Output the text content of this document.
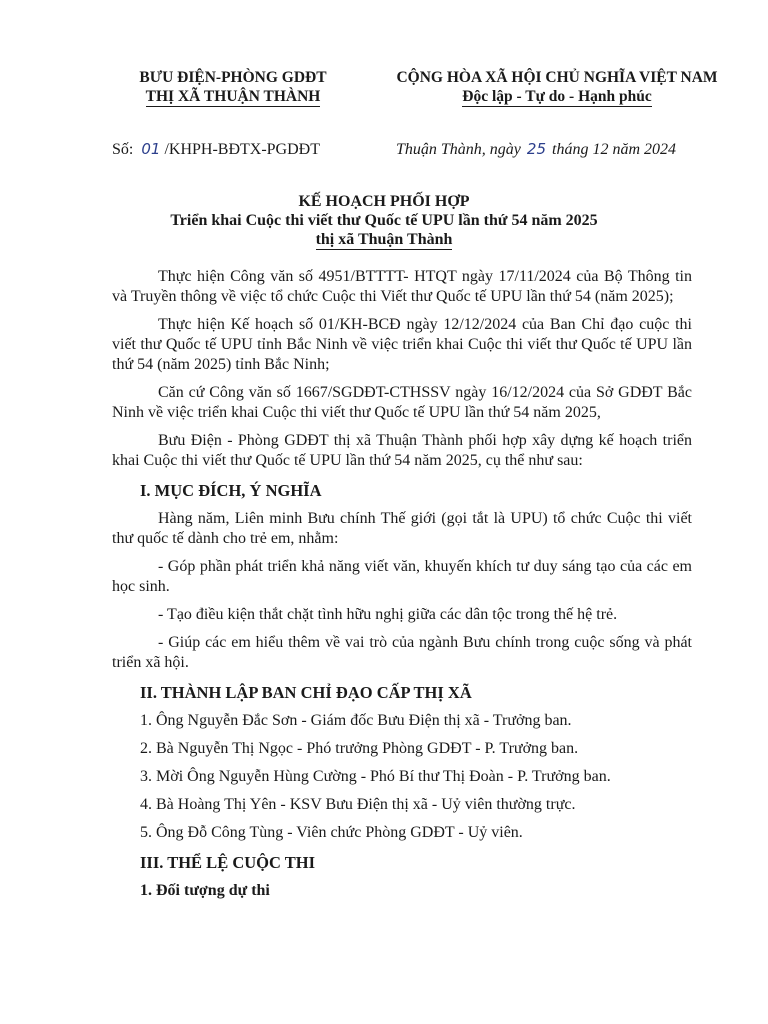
BƯU ĐIỆN-PHÒNG GDĐT
THỊ XÃ THUẬN THÀNH
CỘNG HÒA XÃ HỘI CHỦ NGHĨA VIỆT NAM
Độc lập - Tự do - Hạnh phúc
Số: 01 /KHPH-BĐTX-PGDĐT	Thuận Thành, ngày 25 tháng 12 năm 2024
KẾ HOẠCH PHỐI HỢP
Triển khai Cuộc thi viết thư Quốc tế UPU lần thứ 54 năm 2025
thị xã Thuận Thành

Thực hiện Công văn số 4951/BTTTT- HTQT ngày 17/11/2024 của Bộ Thông tin và Truyền thông về việc tổ chức Cuộc thi Viết thư Quốc tế UPU lần thứ 54 (năm 2025);

Thực hiện Kế hoạch số 01/KH-BCĐ ngày 12/12/2024 của Ban Chỉ đạo cuộc thi viết thư Quốc tế UPU tỉnh Bắc Ninh về việc triển khai Cuộc thi viết thư Quốc tế UPU lần thứ 54 (năm 2025) tỉnh Bắc Ninh;

Căn cứ Công văn số 1667/SGDĐT-CTHSSV ngày 16/12/2024 của Sở GDĐT Bắc Ninh về việc triển khai Cuộc thi viết thư Quốc tế UPU lần thứ 54 năm 2025,

Bưu Điện - Phòng GDĐT thị xã Thuận Thành phối hợp xây dựng kế hoạch triển khai Cuộc thi viết thư Quốc tế UPU lần thứ 54 năm 2025, cụ thể như sau:

I. MỤC ĐÍCH, Ý NGHĨA

Hàng năm, Liên minh Bưu chính Thế giới (gọi tắt là UPU) tổ chức Cuộc thi viết thư quốc tế dành cho trẻ em, nhằm:

- Góp phần phát triển khả năng viết văn, khuyến khích tư duy sáng tạo của các em học sinh.

- Tạo điều kiện thắt chặt tình hữu nghị giữa các dân tộc trong thế hệ trẻ.

- Giúp các em hiểu thêm về vai trò của ngành Bưu chính trong cuộc sống và phát triển xã hội.

II. THÀNH LẬP BAN CHỈ ĐẠO CẤP THỊ XÃ

1. Ông Nguyễn Đắc Sơn - Giám đốc Bưu Điện thị xã - Trưởng ban.

2. Bà Nguyễn Thị Ngọc - Phó trưởng Phòng GDĐT - P. Trưởng ban.

3. Mời Ông Nguyễn Hùng Cường - Phó Bí thư Thị Đoàn - P. Trưởng ban.

4. Bà Hoàng Thị Yên - KSV Bưu Điện thị xã - Uỷ viên thường trực.

5. Ông Đỗ Công Tùng - Viên chức Phòng GDĐT - Uỷ viên.

III. THỂ LỆ CUỘC THI

1. Đối tượng dự thi
